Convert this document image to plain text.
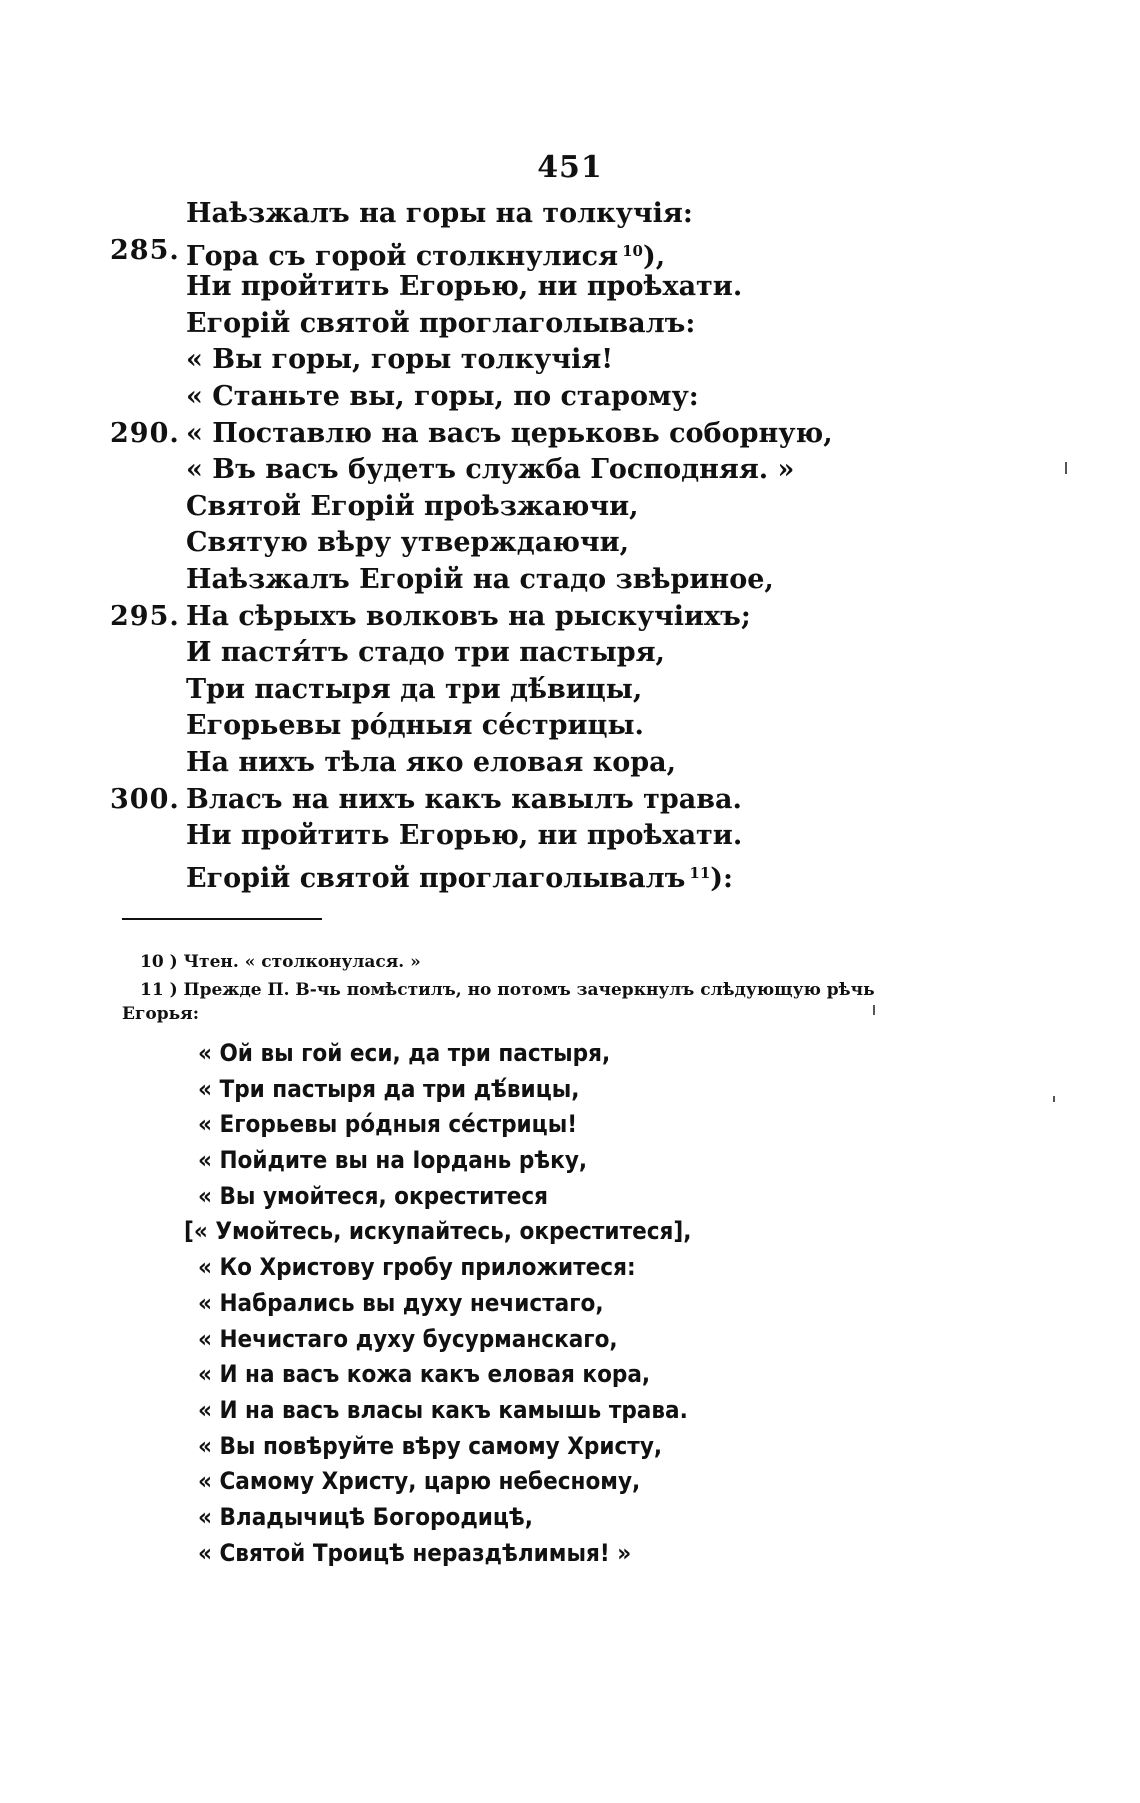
451
Наѣзжалъ на горы на толкучія:
285. Гора съ горой столкнулися $^{10}$),
Ни пройтить Егорью, ни проѣхати.
Егорій святой проглаголывалъ:
« Вы горы, горы толкучія!
« Станьте вы, горы, по старому:
290. « Поставлю на васъ церьковь соборную,
« Въ васъ будетъ служба Господняя. »
Святой Егорій проѣзжаючи,
Святую вѣру утверждаючи,
Наѣзжалъ Егорій на стадо звѣриное,
295. На сѣрыхъ волковъ на рыскучіихъ;
И пастя́тъ стадо три пастыря,
Три пастыря да три дѣ́вицы,
Егорьевы ро́дныя се́стрицы.
На нихъ тѣла яко еловая кора,
300. Власъ на нихъ какъ кавылъ трава.
Ни пройтить Егорью, ни проѣхати.
Егорій святой проглаголывалъ $^{11}$):
10 ) Чтен. « столконулася. »
11 ) Прежде П. В-чь помѣстилъ, но потомъ зачеркнулъ слѣдующую рѣчь
Егорья:
« Ой вы гой еси, да три пастыря,
« Три пастыря да три дѣ́вицы,
« Егорьевы ро́дныя се́стрицы!
« Пойдите вы на Іордань рѣку,
« Вы умойтеся, окреститеся
[« Умойтесь, искупайтесь, окреститеся],
« Ко Христову гробу приложитеся:
« Набрались вы духу нечистаго,
« Нечистаго духу бусурманскаго,
« И на васъ кожа какъ еловая кора,
« И на васъ власы какъ камышь трава.
« Вы повѣруйте вѣру самому Христу,
« Самому Христу, царю небесному,
« Владычицѣ Богородицѣ,
« Святой Троицѣ нераздѣлимыя! »
